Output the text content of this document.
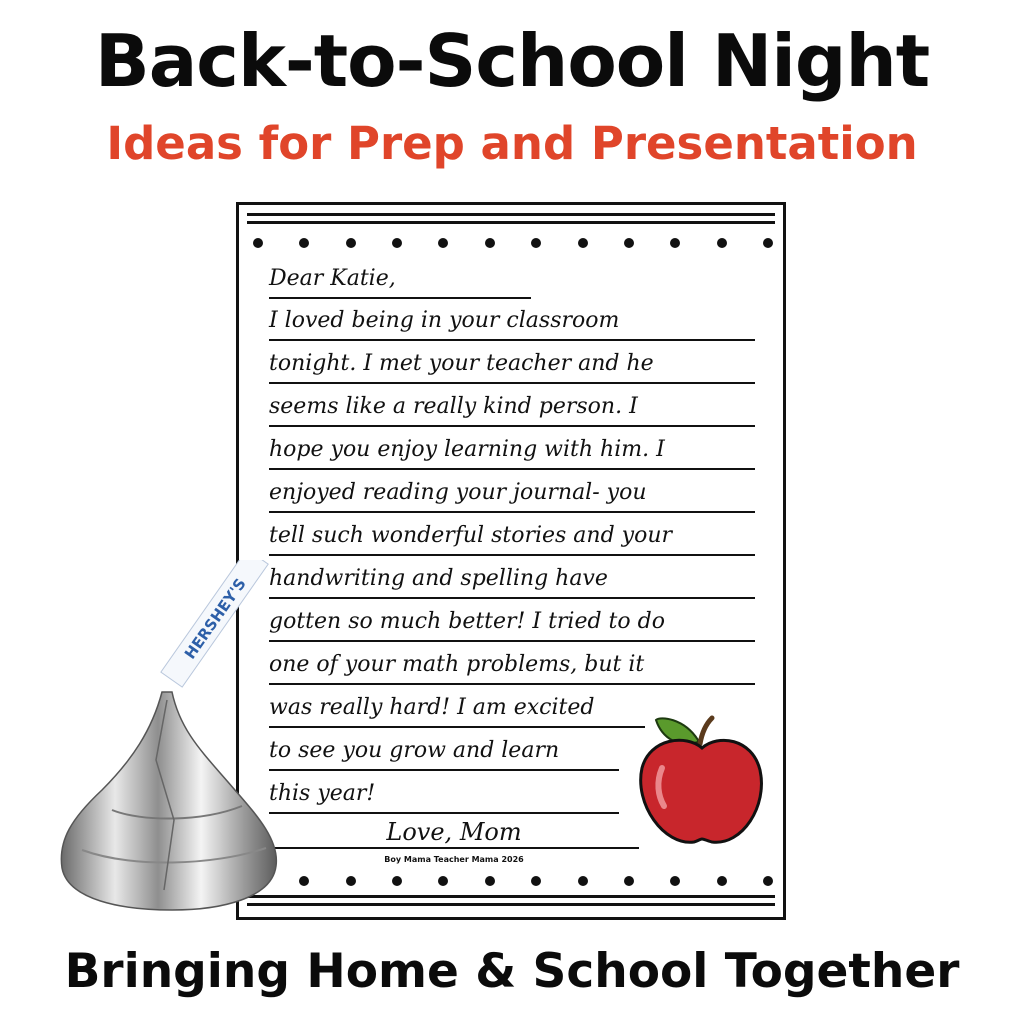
Back-to-School Night
Ideas for Prep and Presentation
Dear Katie,
I loved being in your classroom
tonight. I met your teacher and he
seems like a really kind person. I
hope you enjoy learning with him. I
enjoyed reading your journal- you
tell such wonderful stories and your
handwriting and spelling have
gotten so much better! I tried to do
one of your math problems, but it
was really hard! I am excited
to see you grow and learn
this year!
Love, Mom
Boy Mama Teacher Mama 2026
HERSHEY'S
Bringing Home & School Together
